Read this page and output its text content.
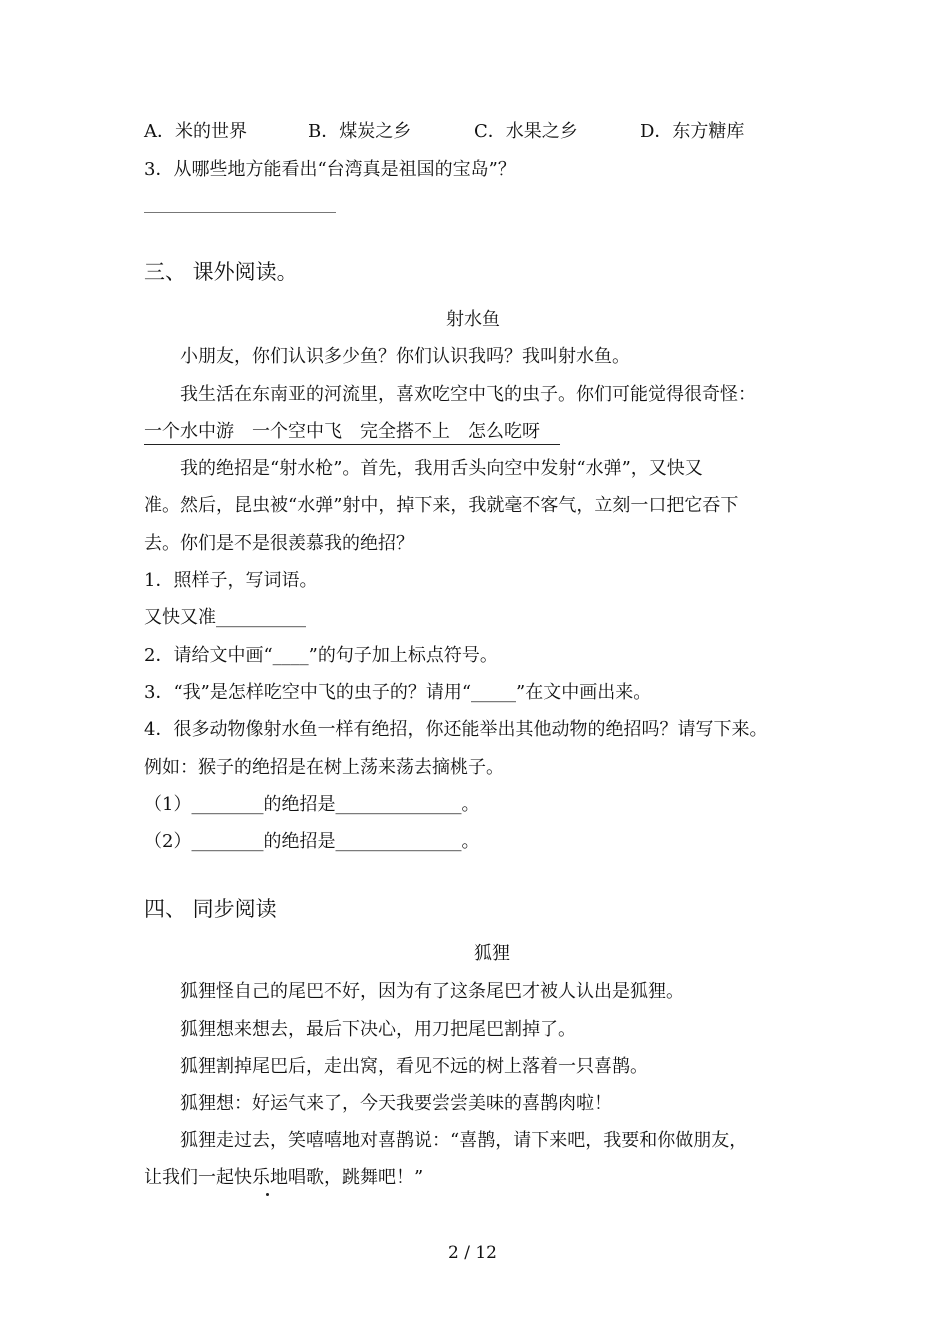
A．米的世界	B．煤炭之乡	C．水果之乡	D．东方糖库
3．从哪些地方能看出“台湾真是祖国的宝岛”？
三、 课外阅读。
射水鱼
小朋友，你们认识多少鱼？你们认识我吗？我叫射水鱼。
我生活在东南亚的河流里，喜欢吃空中飞的虫子。你们可能觉得很奇怪：
一个水中游　一个空中飞　完全搭不上　怎么吃呀
我的绝招是“射水枪”。首先，我用舌头向空中发射“水弹”，又快又
准。然后，昆虫被“水弹”射中，掉下来，我就毫不客气，立刻一口把它吞下
去。你们是不是很羡慕我的绝招？
1．照样子，写词语。
又快又准__________
2．请给文中画“____”的句子加上标点符号。
3．“我”是怎样吃空中飞的虫子的？请用“_____”在文中画出来。
4．很多动物像射水鱼一样有绝招，你还能举出其他动物的绝招吗？请写下来。
例如：猴子的绝招是在树上荡来荡去摘桃子。
（1）________的绝招是______________。
（2）________的绝招是______________。
四、 同步阅读
狐狸
狐狸怪自己的尾巴不好，因为有了这条尾巴才被人认出是狐狸。
狐狸想来想去，最后下决心，用刀把尾巴割掉了。
狐狸割掉尾巴后，走出窝，看见不远的树上落着一只喜鹊。
狐狸想：好运气来了，今天我要尝尝美味的喜鹊肉啦！
狐狸走过去，笑嘻嘻地对喜鹊说：“喜鹊，请下来吧，我要和你做朋友，
让我们一起快乐地唱歌，跳舞吧！”
2 / 12
